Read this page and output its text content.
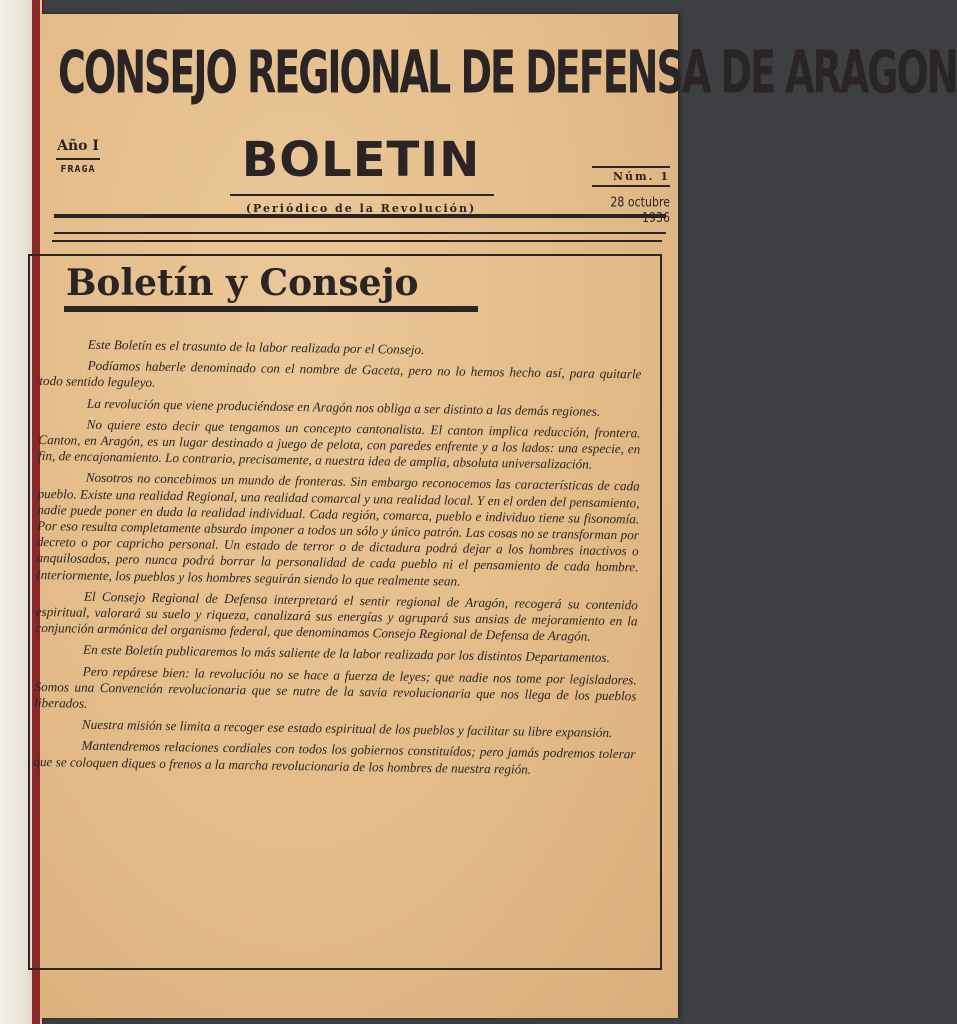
CONSEJO REGIONAL DE DEFENSA DE ARAGON
Año I
FRAGA	BOLETIN
(Periódico de la Revolución)
Núm. 1
28 octubre 1936
Boletín y Consejo

Este Boletín es el trasunto de la labor realizada por el Consejo.

Podíamos haberle denominado con el nombre de Gaceta, pero no lo hemos hecho así, para quitarle todo sentido leguleyo.

La revolución que viene produciéndose en Aragón nos obliga a ser distinto a las demás regiones.

No quiere esto decir que tengamos un concepto cantonalista. El canton implica reducción, frontera. Canton, en Aragón, es un lugar destinado a juego de pelota, con paredes enfrente y a los lados: una especie, en fin, de encajonamiento. Lo contrario, precisamente, a nuestra idea de amplia, absoluta universalización.

Nosotros no concebimos un mundo de fronteras. Sin embargo reconocemos las características de cada pueblo. Existe una realidad Regional, una realidad comarcal y una realidad local. Y en el orden del pensamiento, nadie puede poner en duda la realidad individual. Cada región, comarca, pueblo e individuo tiene su fisonomía. Por eso resulta completamente absurdo imponer a todos un sólo y único patrón. Las cosas no se transforman por decreto o por capricho personal. Un estado de terror o de dictadura podrá dejar a los hombres inactivos o anquilosados, pero nunca podrá borrar la personalidad de cada pueblo ni el pensamiento de cada hombre. Interiormente, los pueblos y los hombres seguirán siendo lo que realmente sean.

El Consejo Regional de Defensa interpretará el sentir regional de Aragón, recogerá su contenido espiritual, valorará su suelo y riqueza, canalizará sus energías y agrupará sus ansias de mejoramiento en la conjunción armónica del organismo federal, que denominamos Consejo Regional de Defensa de Aragón.

En este Boletín publicaremos lo más saliente de la labor realizada por los distintos Departamentos.

Pero repárese bien: la revolucióu no se hace a fuerza de leyes; que nadie nos tome por legisladores. Somos una Convención revolucionaria que se nutre de la savia revolucionaria que nos llega de los pueblos liberados.

Nuestra misión se limita a recoger ese estado espiritual de los pueblos y facilitar su libre expansión.

Mantendremos relaciones cordiales con todos los gobiernos constituídos; pero jamás podremos tolerar que se coloquen diques o frenos a la marcha revolucionaria de los hombres de nuestra región.
